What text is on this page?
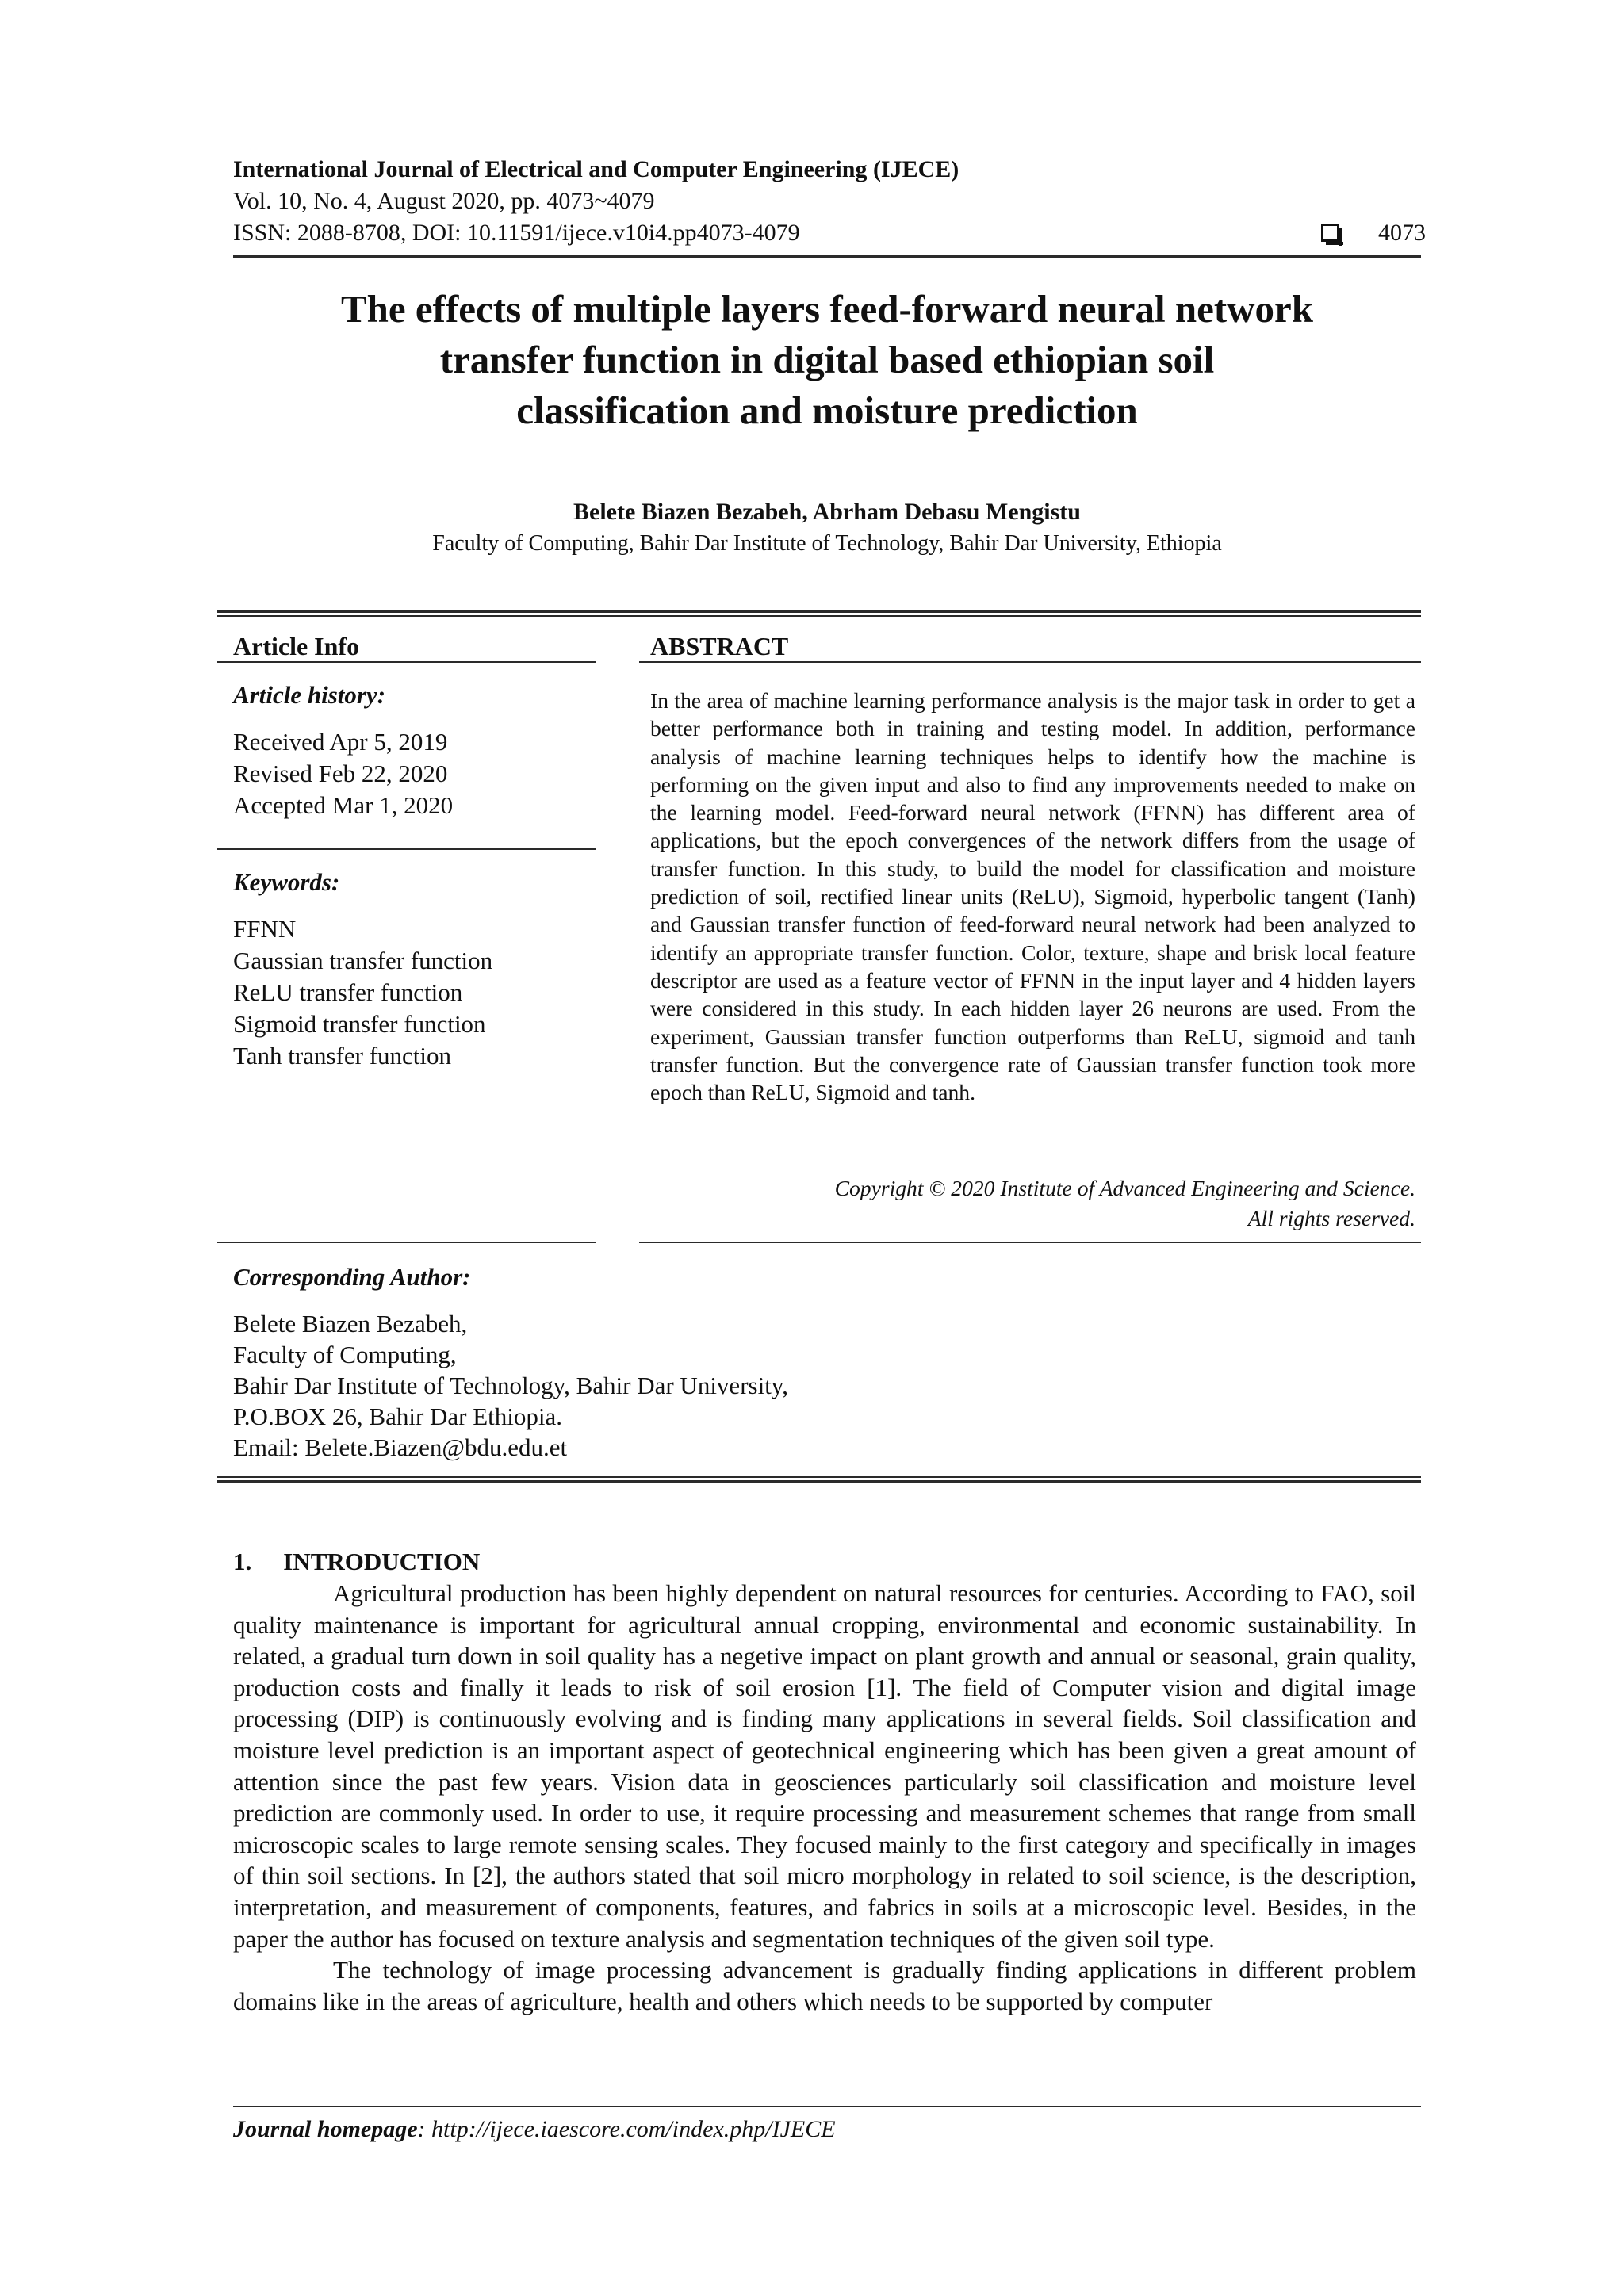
International Journal of Electrical and Computer Engineering (IJECE)
Vol. 10, No. 4, August 2020, pp. 4073~4079
ISSN: 2088-8708, DOI: 10.11591/ijece.v10i4.pp4073-4079	4073
The effects of multiple layers feed-forward neural network
transfer function in digital based ethiopian soil
classification and moisture prediction
Belete Biazen Bezabeh, Abrham Debasu Mengistu
Faculty of Computing, Bahir Dar Institute of Technology, Bahir Dar University, Ethiopia
Article Info
Article history:
Received Apr 5, 2019
Revised Feb 22, 2020
Accepted Mar 1, 2020
Keywords:
FFNN
Gaussian transfer function
ReLU transfer function
Sigmoid transfer function
Tanh transfer function
ABSTRACT

In the area of machine learning performance analysis is the major task in order to get a better performance both in training and testing model. In addition, performance analysis of machine learning techniques helps to identify how the machine is performing on the given input and also to find any improvements needed to make on the learning model. Feed-forward neural network (FFNN) has different area of applications, but the epoch convergences of the network differs from the usage of transfer function. In this study, to build the model for classification and moisture prediction of soil, rectified linear units (ReLU), Sigmoid, hyperbolic tangent (Tanh) and Gaussian transfer function of feed-forward neural network had been analyzed to identify an appropriate transfer function. Color, texture, shape and brisk local feature descriptor are used as a feature vector of FFNN in the input layer and 4 hidden layers were considered in this study. In each hidden layer 26 neurons are used. From the experiment, Gaussian transfer function outperforms than ReLU, sigmoid and tanh transfer function. But the convergence rate of Gaussian transfer function took more epoch than ReLU, Sigmoid and tanh.

Copyright © 2020 Institute of Advanced Engineering and Science.
All rights reserved.
Corresponding Author:
Belete Biazen Bezabeh,
Faculty of Computing,
Bahir Dar Institute of Technology, Bahir Dar University,
P.O.BOX 26, Bahir Dar Ethiopia.
Email: Belete.Biazen@bdu.edu.et
1. INTRODUCTION

Agricultural production has been highly dependent on natural resources for centuries. According to FAO, soil quality maintenance is important for agricultural annual cropping, environmental and economic sustainability. In related, a gradual turn down in soil quality has a negetive impact on plant growth and annual or seasonal, grain quality, production costs and finally it leads to risk of soil erosion [1]. The field of Computer vision and digital image processing (DIP) is continuously evolving and is finding many applications in several fields. Soil classification and moisture level prediction is an important aspect of geotechnical engineering which has been given a great amount of attention since the past few years. Vision data in geosciences particularly soil classification and moisture level prediction are commonly used. In order to use, it require processing and measurement schemes that range from small microscopic scales to large remote sensing scales. They focused mainly to the first category and specifically in images of thin soil sections. In [2], the authors stated that soil micro morphology in related to soil science, is the description, interpretation, and measurement of components, features, and fabrics in soils at a microscopic level. Besides, in the paper the author has focused on texture analysis and segmentation techniques of the given soil type.

The technology of image processing advancement is gradually finding applications in different problem domains like in the areas of agriculture, health and others which needs to be supported by computer

Journal homepage: http://ijece.iaescore.com/index.php/IJECE
